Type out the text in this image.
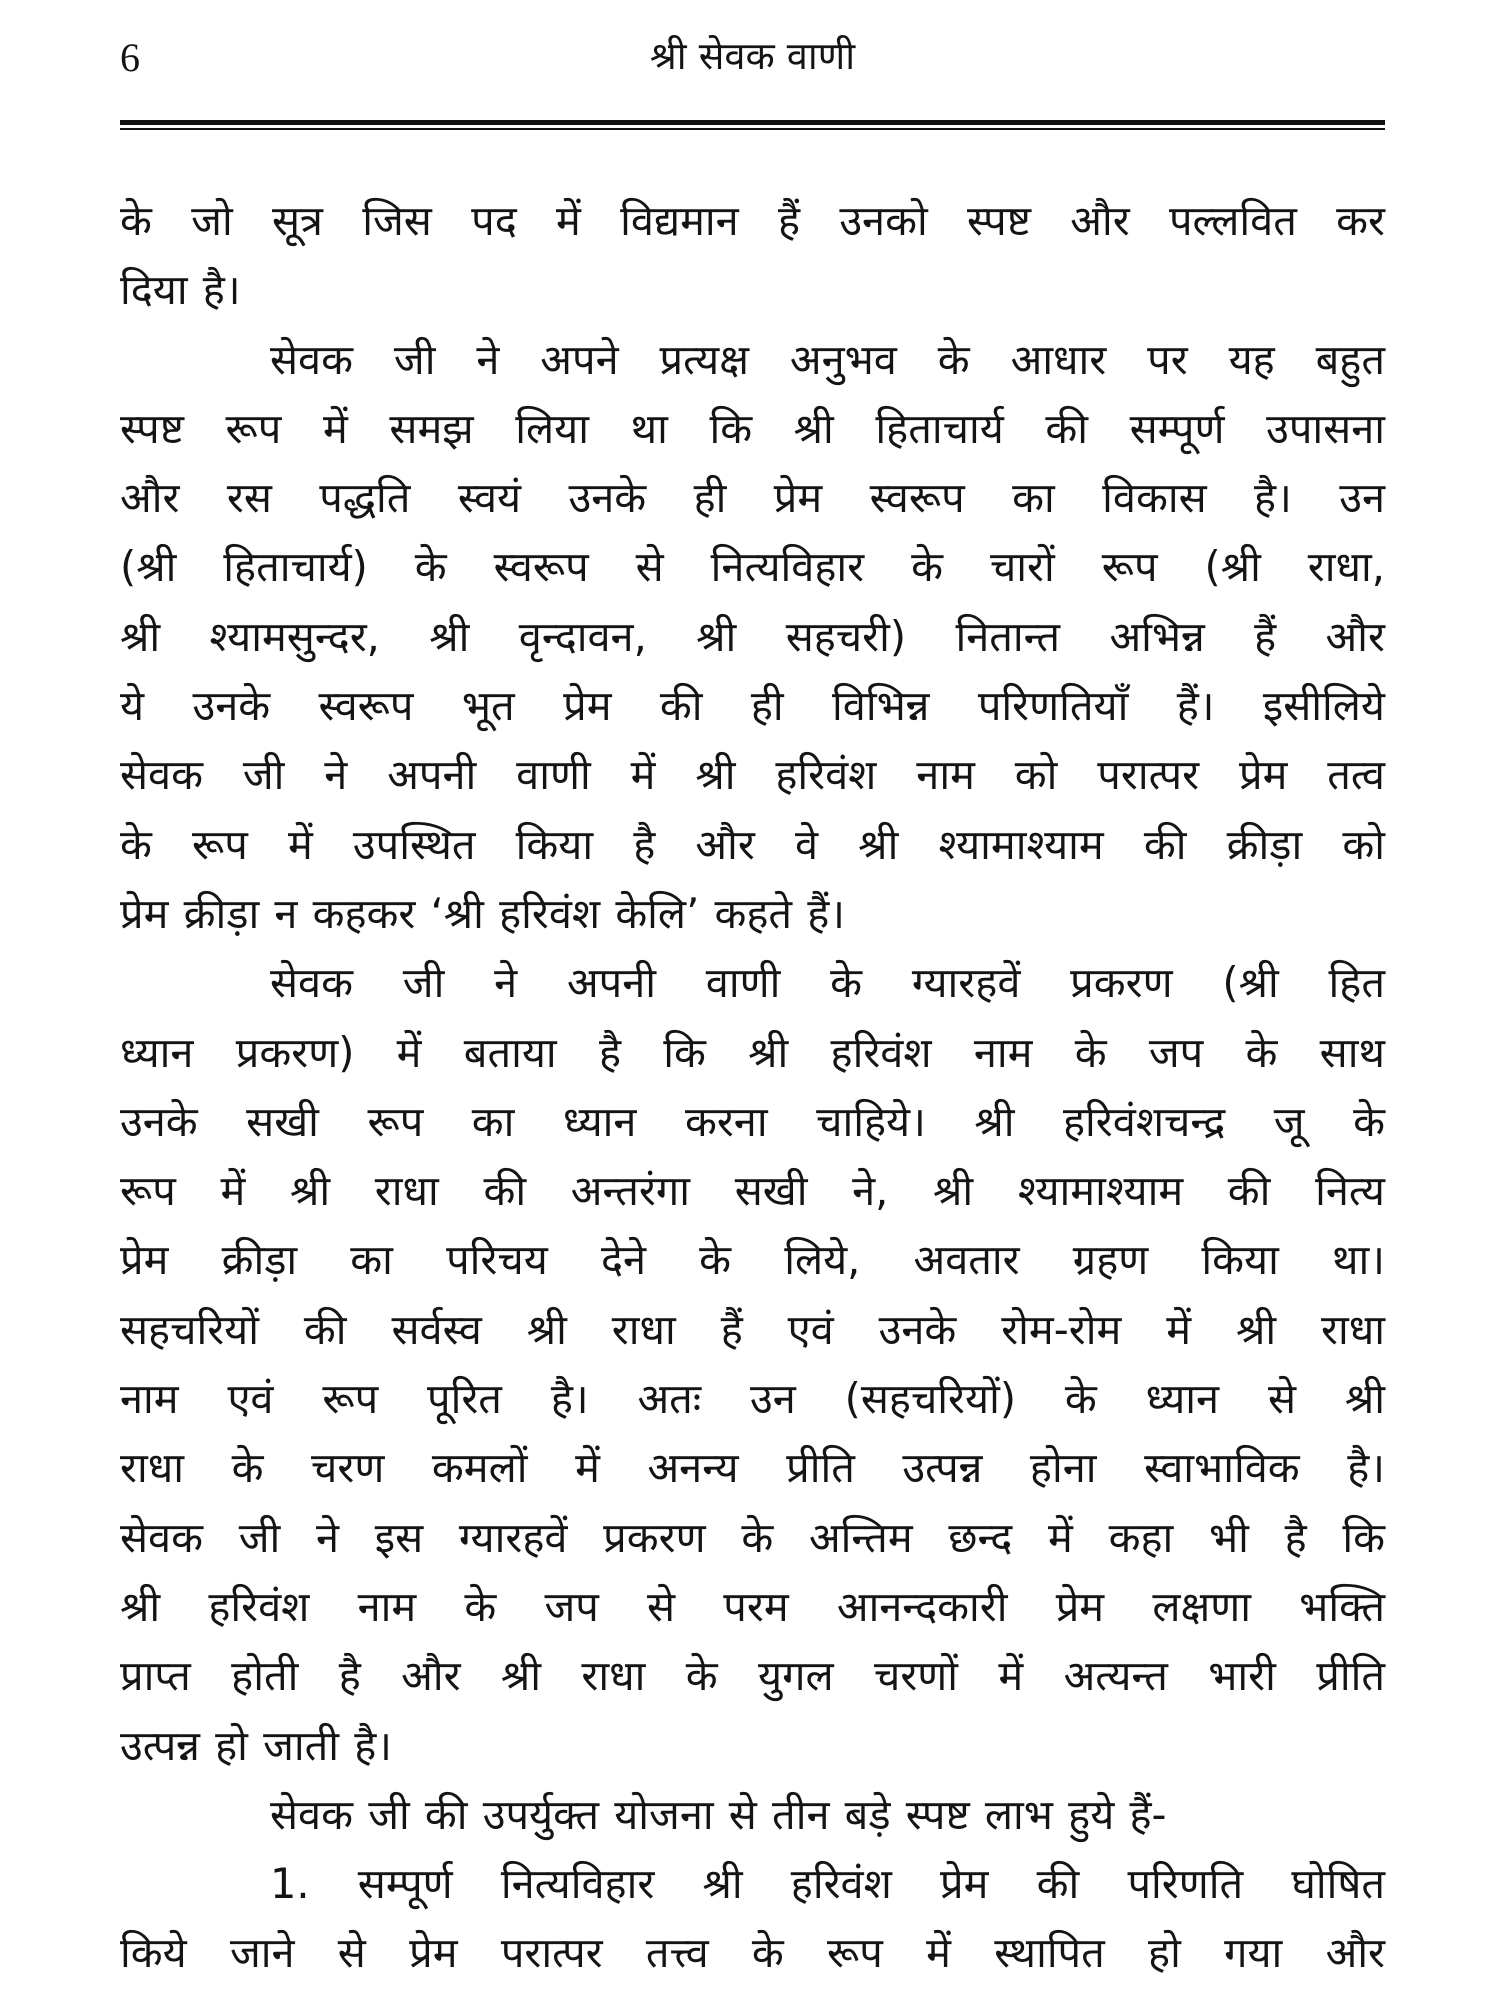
6	श्री सेवक वाणी
के जो सूत्र जिस पद में विद्यमान हैं उनको स्पष्ट और पल्लवित कर
दिया है।
सेवक जी ने अपने प्रत्यक्ष अनुभव के आधार पर यह बहुत
स्पष्ट रूप में समझ लिया था कि श्री हिताचार्य की सम्पूर्ण उपासना
और रस पद्धति स्वयं उनके ही प्रेम स्वरूप का विकास है। उन
(श्री हिताचार्य) के स्वरूप से नित्यविहार के चारों रूप (श्री राधा,
श्री श्यामसुन्दर, श्री वृन्दावन, श्री सहचरी) नितान्त अभिन्न हैं और
ये उनके स्वरूप भूत प्रेम की ही विभिन्न परिणतियाँ हैं। इसीलिये
सेवक जी ने अपनी वाणी में श्री हरिवंश नाम को परात्पर प्रेम तत्व
के रूप में उपस्थित किया है और वे श्री श्यामाश्याम की क्रीड़ा को
प्रेम क्रीड़ा न कहकर ‘श्री हरिवंश केलि’ कहते हैं।
सेवक जी ने अपनी वाणी के ग्यारहवें प्रकरण (श्री हित
ध्यान प्रकरण) में बताया है कि श्री हरिवंश नाम के जप के साथ
उनके सखी रूप का ध्यान करना चाहिये। श्री हरिवंशचन्द्र जू के
रूप में श्री राधा की अन्तरंगा सखी ने, श्री श्यामाश्याम की नित्य
प्रेम क्रीड़ा का परिचय देने के लिये, अवतार ग्रहण किया था।
सहचरियों की सर्वस्व श्री राधा हैं एवं उनके रोम-रोम में श्री राधा
नाम एवं रूप पूरित है। अतः उन (सहचरियों) के ध्यान से श्री
राधा के चरण कमलों में अनन्य प्रीति उत्पन्न होना स्वाभाविक है।
सेवक जी ने इस ग्यारहवें प्रकरण के अन्तिम छन्द में कहा भी है कि
श्री हरिवंश नाम के जप से परम आनन्दकारी प्रेम लक्षणा भक्ति
प्राप्त होती है और श्री राधा के युगल चरणों में अत्यन्त भारी प्रीति
उत्पन्न हो जाती है।
सेवक जी की उपर्युक्त योजना से तीन बड़े स्पष्ट लाभ हुये हैं-
1. सम्पूर्ण नित्यविहार श्री हरिवंश प्रेम की परिणति घोषित
किये जाने से प्रेम परात्पर तत्त्व के रूप में स्थापित हो गया और
